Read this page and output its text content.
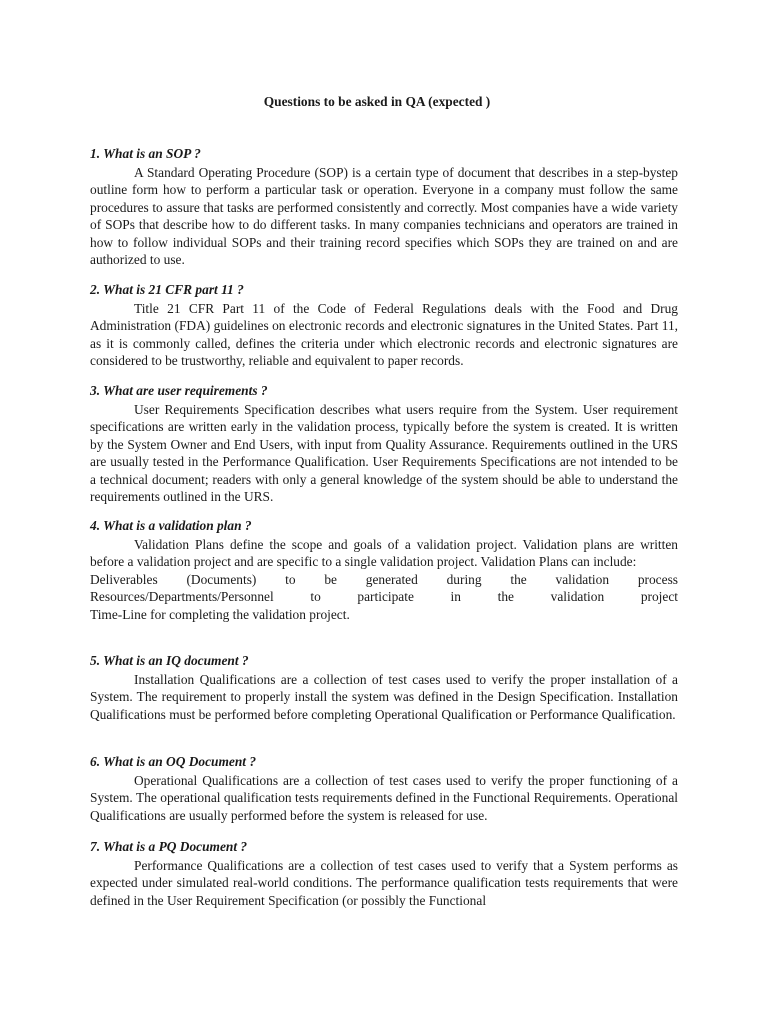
Questions to be asked in QA (expected )

1. What is an SOP ?

A Standard Operating Procedure (SOP) is a certain type of document that describes in a step-bystep outline form how to perform a particular task or operation. Everyone in a company must follow the same procedures to assure that tasks are performed consistently and correctly. Most companies have a wide variety of SOPs that describe how to do different tasks. In many companies technicians and operators are trained in how to follow individual SOPs and their training record specifies which SOPs they are trained on and are authorized to use.

2. What is 21 CFR part 11 ?

Title 21 CFR Part 11 of the Code of Federal Regulations deals with the Food and Drug Administration (FDA) guidelines on electronic records and electronic signatures in the United States. Part 11, as it is commonly called, defines the criteria under which electronic records and electronic signatures are considered to be trustworthy, reliable and equivalent to paper records.

3. What are user requirements ?

User Requirements Specification describes what users require from the System. User requirement specifications are written early in the validation process, typically before the system is created. It is written by the System Owner and End Users, with input from Quality Assurance. Requirements outlined in the URS are usually tested in the Performance Qualification. User Requirements Specifications are not intended to be a technical document; readers with only a general knowledge of the system should be able to understand the requirements outlined in the URS.

4. What is a validation plan ?

Validation Plans define the scope and goals of a validation project. Validation plans are written before a validation project and are specific to a single validation project. Validation Plans can include:

Deliverables (Documents) to be generated during the validation process

Resources/Departments/Personnel to participate in the validation project

Time-Line for completing the validation project.

5. What is an IQ document ?

Installation Qualifications are a collection of test cases used to verify the proper installation of a System. The requirement to properly install the system was defined in the Design Specification. Installation Qualifications must be performed before completing Operational Qualification or Performance Qualification.

6. What is an OQ Document ?

Operational Qualifications are a collection of test cases used to verify the proper functioning of a System. The operational qualification tests requirements defined in the Functional Requirements. Operational Qualifications are usually performed before the system is released for use.

7. What is a PQ Document ?

Performance Qualifications are a collection of test cases used to verify that a System performs as expected under simulated real-world conditions. The performance qualification tests requirements that were defined in the User Requirement Specification (or possibly the Functional
